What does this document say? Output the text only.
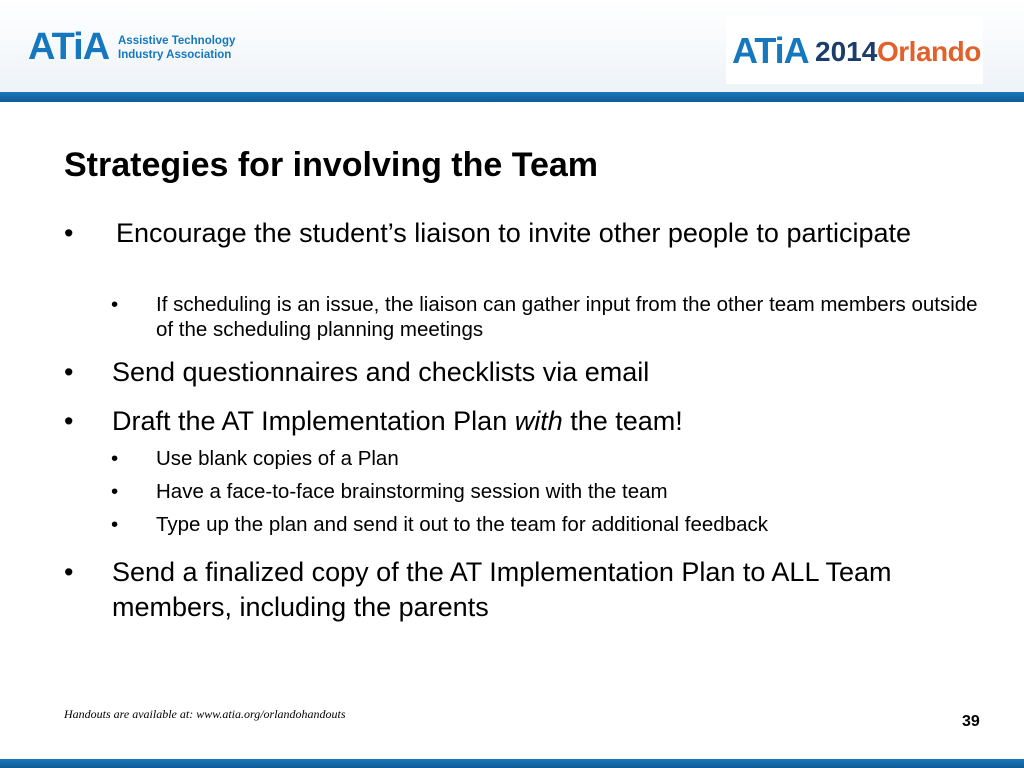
ATiA Assistive Technology
Industry Association	ATiA 2014 Orlando
Strategies for involving the Team
• Encourage the student’s liaison to invite other people to participate
• If scheduling is an issue, the liaison can gather input from the other team members outside of the scheduling planning meetings
• Send questionnaires and checklists via email
• Draft the AT Implementation Plan with the team!
• Use blank copies of a Plan
• Have a face-to-face brainstorming session with the team
• Type up the plan and send it out to the team for additional feedback
• Send a finalized copy of the AT Implementation Plan to ALL Team members, including the parents
Handouts are available at: www.atia.org/orlandohandouts	39
